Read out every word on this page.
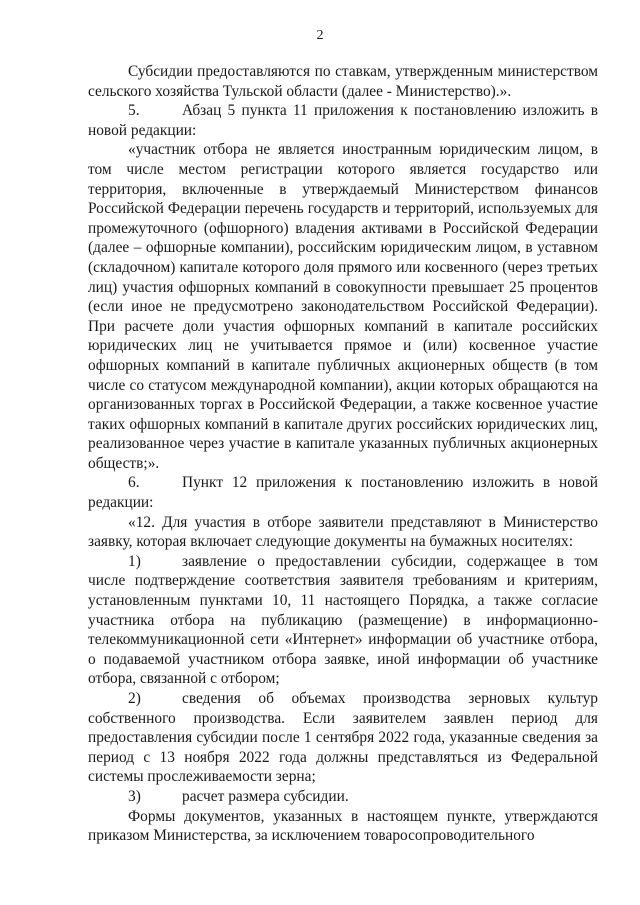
2

Субсидии предоставляются по ставкам, утвержденным министерством сельского хозяйства Тульской области (далее - Министерство).».

5.	Абзац 5 пункта 11 приложения к постановлению изложить в новой редакции:

«участник отбора не является иностранным юридическим лицом, в том числе местом регистрации которого является государство или территория, включенные в утверждаемый Министерством финансов Российской Федерации перечень государств и территорий, используемых для промежуточного (офшорного) владения активами в Российской Федерации (далее – офшорные компании), российским юридическим лицом, в уставном (складочном) капитале которого доля прямого или косвенного (через третьих лиц) участия офшорных компаний в совокупности превышает 25 процентов (если иное не предусмотрено законодательством Российской Федерации). При расчете доли участия офшорных компаний в капитале российских юридических лиц не учитывается прямое и (или) косвенное участие офшорных компаний в капитале публичных акционерных обществ (в том числе со статусом международной компании), акции которых обращаются на организованных торгах в Российской Федерации, а также косвенное участие таких офшорных компаний в капитале других российских юридических лиц, реализованное через участие в капитале указанных публичных акционерных обществ;».

6.	Пункт 12 приложения к постановлению изложить в новой редакции:

«12. Для участия в отборе заявители представляют в Министерство заявку, которая включает следующие документы на бумажных носителях:

1)	заявление о предоставлении субсидии, содержащее в том числе подтверждение соответствия заявителя требованиям и критериям, установленным пунктами 10, 11 настоящего Порядка, а также согласие участника отбора на публикацию (размещение) в информационно-телекоммуникационной сети «Интернет» информации об участнике отбора, о подаваемой участником отбора заявке, иной информации об участнике отбора, связанной с отбором;

2)	сведения об объемах производства зерновых культур собственного производства. Если заявителем заявлен период для предоставления субсидии после 1 сентября 2022 года, указанные сведения за период с 13 ноября 2022 года должны представляться из Федеральной системы прослеживаемости зерна;

3)	расчет размера субсидии.

Формы документов, указанных в настоящем пункте, утверждаются приказом Министерства, за исключением товаросопроводительного
